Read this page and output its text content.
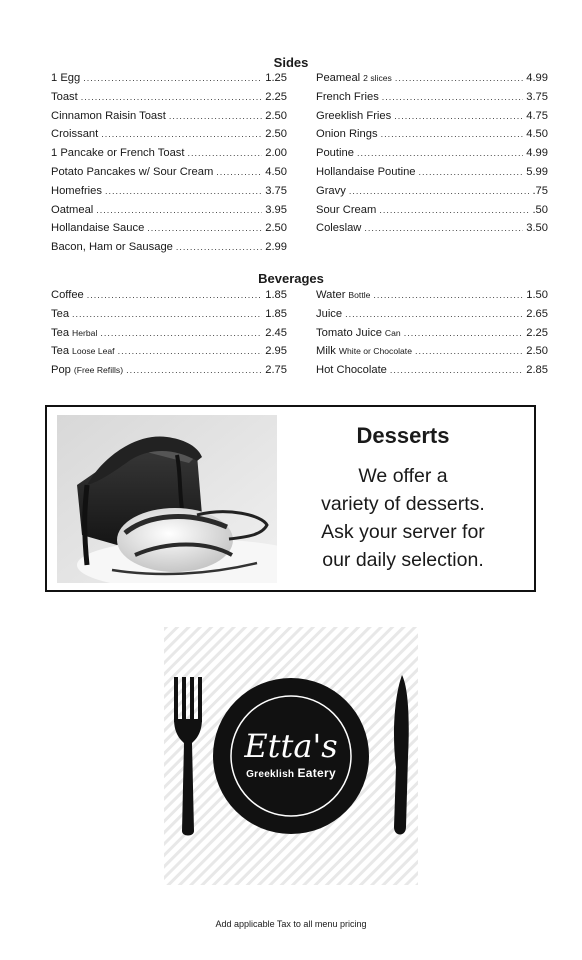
Sides
1 Egg .....	1.25
Toast .....	2.25
Cinnamon Raisin Toast .....	2.50
Croissant .....	2.50
1 Pancake or French Toast .....	2.00
Potato Pancakes w/ Sour Cream .....	4.50
Homefries .....	3.75
Oatmeal .....	3.95
Hollandaise Sauce .....	2.50
Bacon, Ham or Sausage .....	2.99
Peameal 2 slices .....	4.99
French Fries .....	3.75
Greeklish Fries .....	4.75
Onion Rings .....	4.50
Poutine .....	4.99
Hollandaise Poutine .....	5.99
Gravy .....	.75
Sour Cream .....	.50
Coleslaw .....	3.50
Beverages
Coffee .....	1.85
Tea .....	1.85
Tea Herbal .....	2.45
Tea Loose Leaf .....	2.95
Pop (Free Refills) .....	2.75
Water Bottle .....	1.50
Juice .....	2.65
Tomato Juice Can .....	2.25
Milk White or Chocolate .....	2.50
Hot Chocolate .....	2.85
Desserts
We offer a
variety of desserts.
Ask your server for
our daily selection.
Etta's
Greeklish Eatery
Add applicable Tax to all menu pricing
